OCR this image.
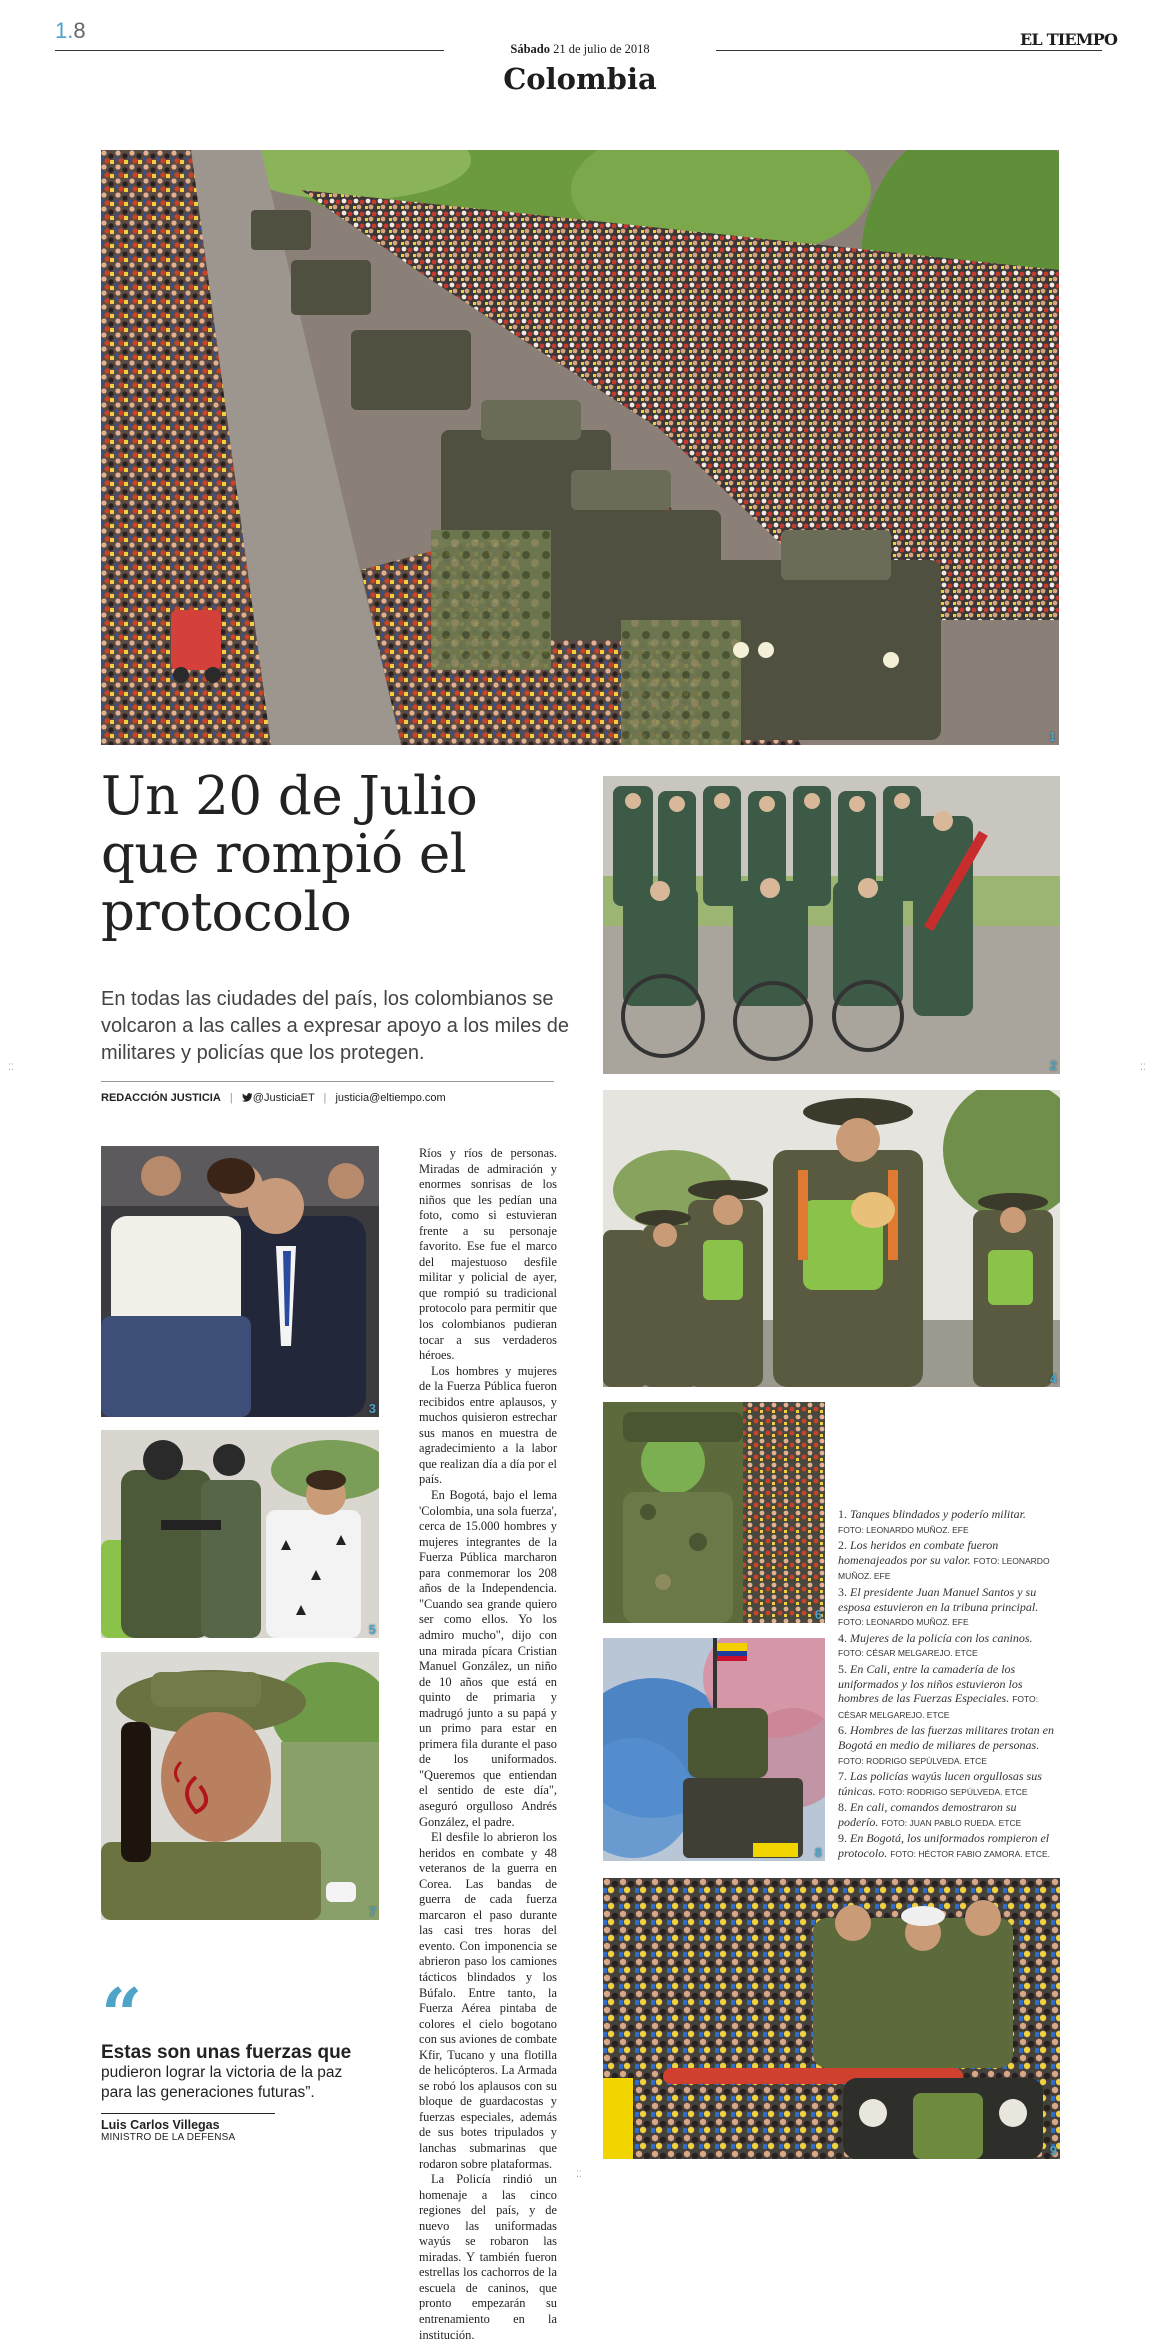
1.8
Sábado 21 de julio de 2018	EL TIEMPO
Colombia
1
Un 20 de Julio que rompió el protocolo
En todas las ciudades del país, los colombianos se volcaron a las calles a expresar apoyo a los miles de militares y policías que los protegen.
REDACCIÓN JUSTICIA | @JusticiaET | justicia@eltiempo.com
2
4
3
5
7

Ríos y ríos de personas. Miradas de admiración y enormes sonrisas de los niños que les pedían una foto, como si estuvieran frente a su personaje favorito. Ese fue el marco del majestuoso desfile militar y policial de ayer, que rompió su tradicional protocolo para permitir que los colombianos pudieran tocar a sus verdaderos héroes.

Los hombres y mujeres de la Fuerza Pública fueron recibidos entre aplausos, y muchos quisieron estrechar sus manos en muestra de agradecimiento a la labor que realizan día a día por el país.

En Bogotá, bajo el lema 'Colombia, una sola fuerza', cerca de 15.000 hombres y mujeres integrantes de la Fuerza Pública marcharon para conmemorar los 208 años de la Independencia. "Cuando sea grande quiero ser como ellos. Yo los admiro mucho", dijo con una mirada pícara Cristian Manuel González, un niño de 10 años que está en quinto de primaria y madrugó junto a su papá y un primo para estar en primera fila durante el paso de los uniformados. "Queremos que entiendan el sentido de este día", aseguró orgulloso Andrés González, el padre.

El desfile lo abrieron los heridos en combate y 48 veteranos de la guerra en Corea. Las bandas de guerra de cada fuerza marcaron el paso durante las casi tres horas del evento. Con imponencia se abrieron paso los camiones tácticos blindados y los Búfalo. Entre tanto, la Fuerza Aérea pintaba de colores el cielo bogotano con sus aviones de combate Kfir, Tucano y una flotilla de helicópteros. La Armada se robó los aplausos con su bloque de guardacostas y fuerzas especiales, además de sus botes tripulados y lanchas submarinas que rodaron sobre plataformas.

La Policía rindió un homenaje a las cinco regiones del país, y de nuevo las uniformadas wayús se robaron las miradas. Y también fueron estrellas los cachorros de la escuela de caninos, que pronto empezarán su entrenamiento en la institución.

6
8

1. Tanques blindados y poderío militar.
FOTO: LEONARDO MUÑOZ. EFE

2. Los heridos en combate fueron homenajeados por su valor. FOTO: LEONARDO MUÑOZ. EFE

3. El presidente Juan Manuel Santos y su esposa estuvieron en la tribuna principal. FOTO: LEONARDO MUÑOZ. EFE

4. Mujeres de la policía con los caninos.
FOTO: CÉSAR MELGAREJO. ETCE

5. En Cali, entre la camadería de los uniformados y los niños estuvieron los hombres de las Fuerzas Especiales. FOTO: CÉSAR MELGAREJO. ETCE

6. Hombres de las fuerzas militares trotan en Bogotá en medio de miliares de personas. FOTO: RODRIGO SEPÚLVEDA. ETCE

7. Las policías wayús lucen orgullosas sus túnicas. FOTO: RODRIGO SEPÚLVEDA. ETCE

8. En cali, comandos demostraron su poderío. FOTO: JUAN PABLO RUEDA. ETCE

9. En Bogotá, los uniformados rompieron el protocolo. FOTO: HÉCTOR FABIO ZAMORA. ETCE.

9
“
Estas son unas fuerzas que
pudieron lograr la victoria de la paz para las generaciones futuras”.
Luis Carlos Villegas
MINISTRO DE LA DEFENSA
⁚⁚	⁚⁚
⁚⁚
